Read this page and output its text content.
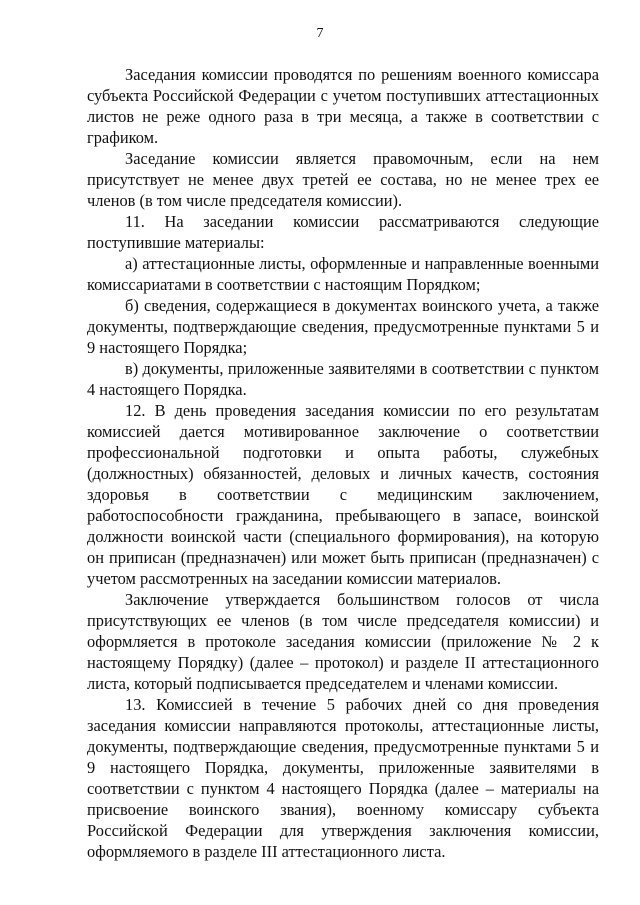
7

Заседания комиссии проводятся по решениям военного комиссара субъекта Российской Федерации с учетом поступивших аттестационных листов не реже одного раза в три месяца, а также в соответствии с графиком.

Заседание комиссии является правомочным, если на нем присутствует не менее двух третей ее состава, но не менее трех ее членов (в том числе председателя комиссии).

11. На заседании комиссии рассматриваются следующие поступившие материалы:

а) аттестационные листы, оформленные и направленные военными комиссариатами в соответствии с настоящим Порядком;

б) сведения, содержащиеся в документах воинского учета, а также документы, подтверждающие сведения, предусмотренные пунктами 5 и 9 настоящего Порядка;

в) документы, приложенные заявителями в соответствии с пунктом 4 настоящего Порядка.

12. В день проведения заседания комиссии по его результатам комиссией дается мотивированное заключение о соответствии профессиональной подготовки и опыта работы, служебных (должностных) обязанностей, деловых и личных качеств, состояния здоровья в соответствии с медицинским заключением, работоспособности гражданина, пребывающего в запасе, воинской должности воинской части (специального формирования), на которую он приписан (предназначен) или может быть приписан (предназначен) с учетом рассмотренных на заседании комиссии материалов.

Заключение утверждается большинством голосов от числа присутствующих ее членов (в том числе председателя комиссии) и оформляется в протоколе заседания комиссии (приложение № 2 к настоящему Порядку) (далее – протокол) и разделе II аттестационного листа, который подписывается председателем и членами комиссии.

13. Комиссией в течение 5 рабочих дней со дня проведения заседания комиссии направляются протоколы, аттестационные листы, документы, подтверждающие сведения, предусмотренные пунктами 5 и 9 настоящего Порядка, документы, приложенные заявителями в соответствии с пунктом 4 настоящего Порядка (далее – материалы на присвоение воинского звания), военному комиссару субъекта Российской Федерации для утверждения заключения комиссии, оформляемого в разделе III аттестационного листа.
